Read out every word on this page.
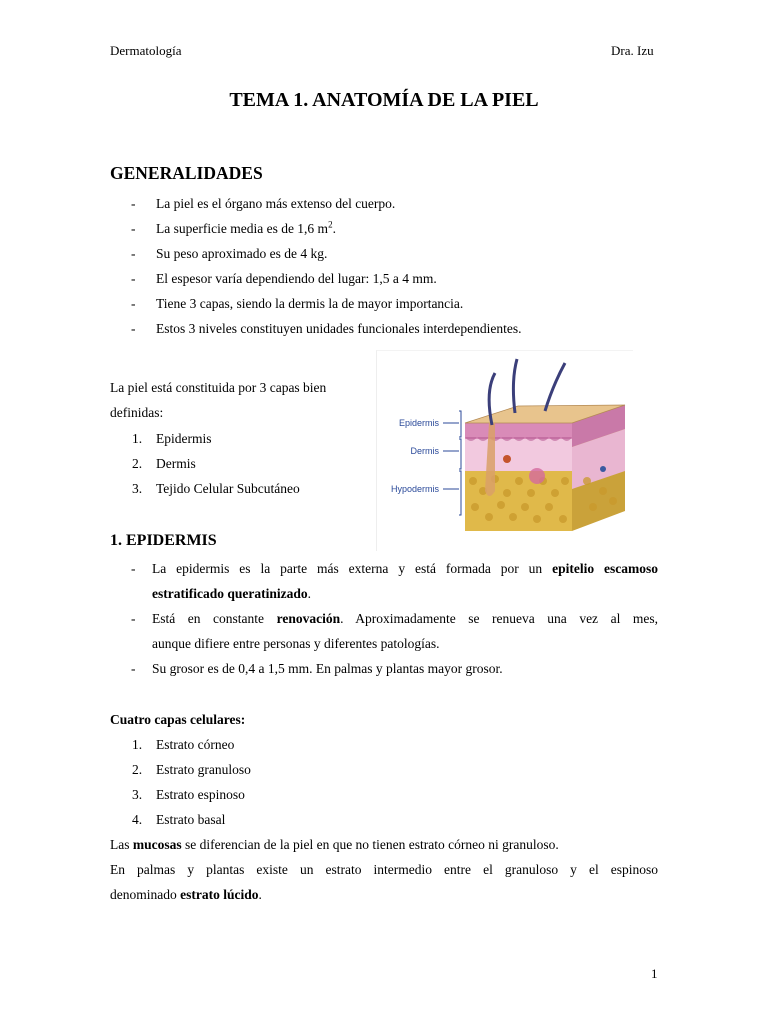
Dermatología	Dra. Izu
TEMA 1. ANATOMÍA DE LA PIEL
GENERALIDADES
- La piel es el órgano más extenso del cuerpo.
- La superficie media es de 1,6 $m^2$.
- Su peso aproximado es de 4 kg.
- El espesor varía dependiendo del lugar: 1,5 a 4 mm.
- Tiene 3 capas, siendo la dermis la de mayor importancia.
- Estos 3 niveles constituyen unidades funcionales interdependientes.
La piel está constituida por 3 capas bien
definidas:
1. Epidermis
2. Dermis
3. Tejido Celular Subcutáneo
Epidermis
Dermis
Hypodermis
1. EPIDERMIS
- La epidermis es la parte más externa y está formada por un epitelio escamoso
estratificado queratinizado.
- Está en constante renovación. Aproximadamente se renueva una vez al mes,
aunque difiere entre personas y diferentes patologías.
- Su grosor es de 0,4 a 1,5 mm. En palmas y plantas mayor grosor.
Cuatro capas celulares:
1. Estrato córneo
2. Estrato granuloso
3. Estrato espinoso
4. Estrato basal
Las mucosas se diferencian de la piel en que no tienen estrato córneo ni granuloso.
En palmas y plantas existe un estrato intermedio entre el granuloso y el espinoso
denominado estrato lúcido.
1
